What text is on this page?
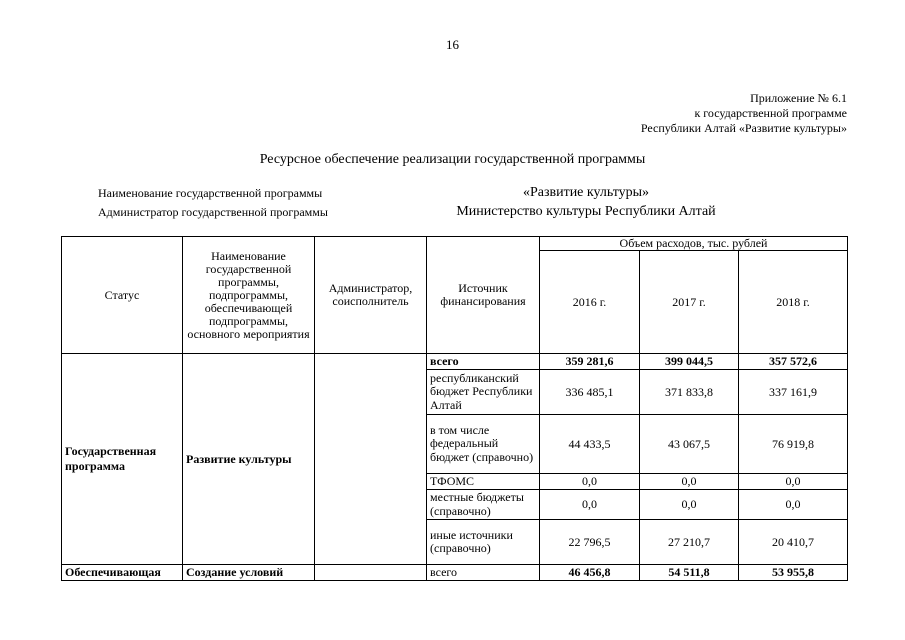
16
Приложение № 6.1
к государственной программе
Республики Алтай «Развитие культуры»
Ресурсное обеспечение реализации государственной программы
Наименование государственной программы	«Развитие культуры»
Администратор государственной программы	Министерство культуры Республики Алтай
Статус	Наименование государственной программы, подпрограммы, обеспечивающей подпрограммы, основного мероприятия	Администратор, соисполнитель	Источник финансирования	Объем расходов, тыс. рублей		
				2016 г.	2017 г.	2018 г.
Государственная программа	Развитие культуры		всего	359 281,6	399 044,5	357 572,6
			республиканский бюджет Республики Алтай	336 485,1	371 833,8	337 161,9
			в том числе федеральный бюджет (справочно)	44 433,5	43 067,5	76 919,8
			ТФОМС	0,0	0,0	0,0
			местные бюджеты (справочно)	0,0	0,0	0,0
			иные источники (справочно)	22 796,5	27 210,7	20 410,7
Обеспечивающая	Создание условий		всего	46 456,8	54 511,8	53 955,8
